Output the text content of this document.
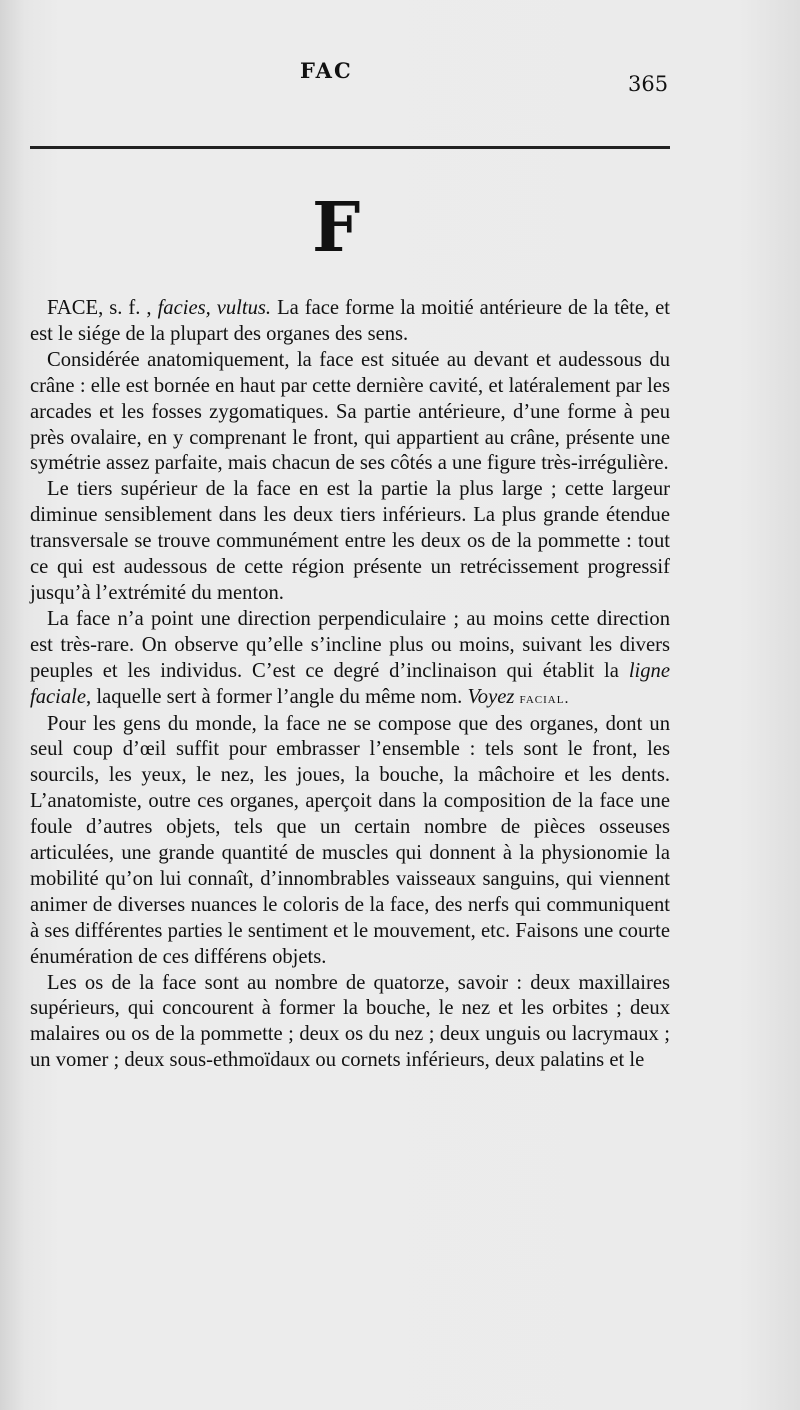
FAC
365
F

FACE, s. f. , facies, vultus. La face forme la moitié antérieure de la tête, et est le siége de la plupart des organes des sens.

Considérée anatomiquement, la face est située au devant et audessous du crâne : elle est bornée en haut par cette dernière cavité, et latéralement par les arcades et les fosses zygomatiques. Sa partie antérieure, d’une forme à peu près ovalaire, en y comprenant le front, qui appartient au crâne, présente une symétrie assez parfaite, mais chacun de ses côtés a une figure très-irrégulière.

Le tiers supérieur de la face en est la partie la plus large ; cette largeur diminue sensiblement dans les deux tiers inférieurs. La plus grande étendue transversale se trouve communément entre les deux os de la pommette : tout ce qui est audessous de cette région présente un retrécissement progressif jusqu’à l’extrémité du menton.

La face n’a point une direction perpendiculaire ; au moins cette direction est très-rare. On observe qu’elle s’incline plus ou moins, suivant les divers peuples et les individus. C’est ce degré d’inclinaison qui établit la ligne faciale, laquelle sert à former l’angle du même nom. Voyez facial.

Pour les gens du monde, la face ne se compose que des organes, dont un seul coup d’œil suffit pour embrasser l’ensemble : tels sont le front, les sourcils, les yeux, le nez, les joues, la bouche, la mâchoire et les dents. L’anatomiste, outre ces organes, aperçoit dans la composition de la face une foule d’autres objets, tels que un certain nombre de pièces osseuses articulées, une grande quantité de muscles qui donnent à la physionomie la mobilité qu’on lui connaît, d’innombrables vaisseaux sanguins, qui viennent animer de diverses nuances le coloris de la face, des nerfs qui communiquent à ses différentes parties le sentiment et le mouvement, etc. Faisons une courte énumération de ces différens objets.

Les os de la face sont au nombre de quatorze, savoir : deux maxillaires supérieurs, qui concourent à former la bouche, le nez et les orbites ; deux malaires ou os de la pommette ; deux os du nez ; deux unguis ou lacrymaux ; un vomer ; deux sous-ethmoïdaux ou cornets inférieurs, deux palatins et le
